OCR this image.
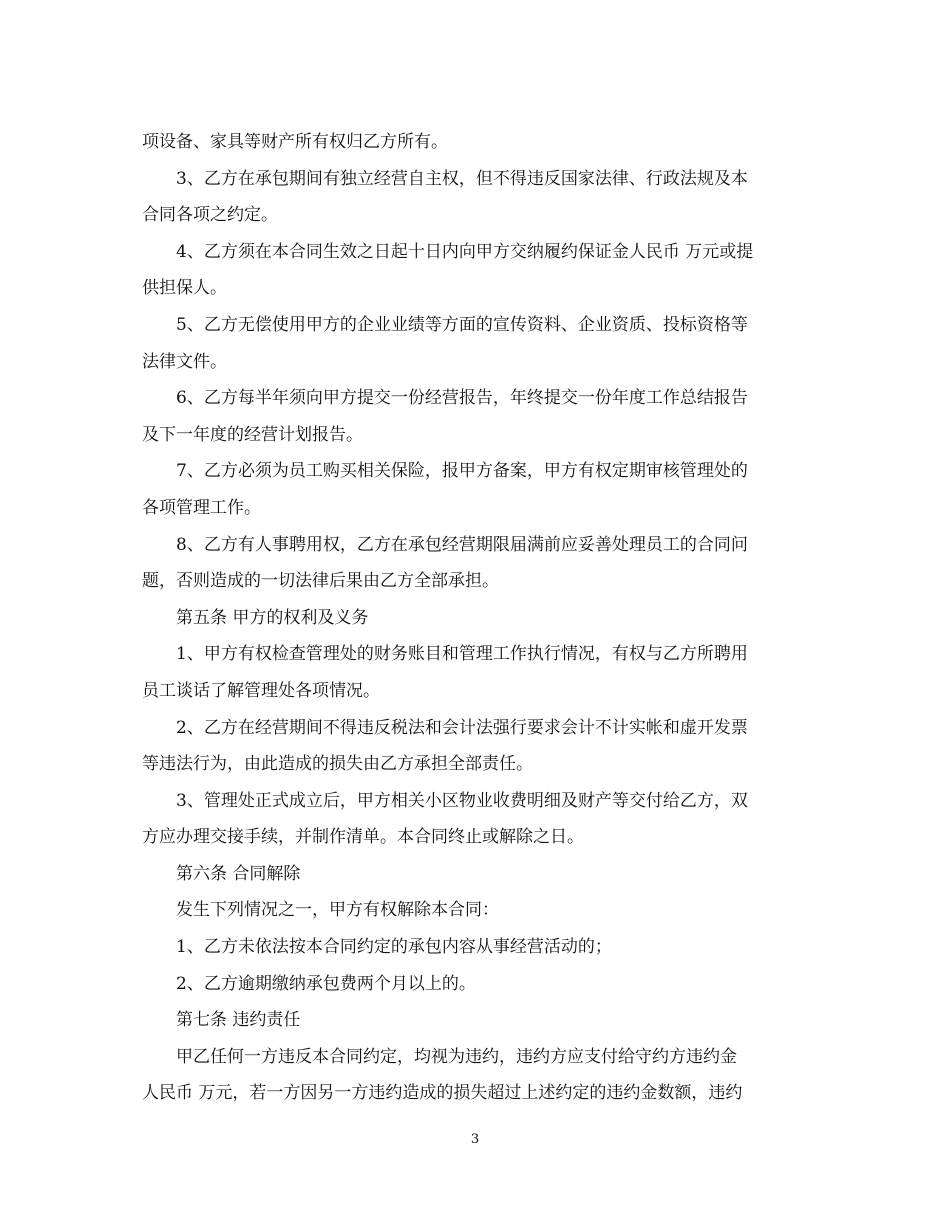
项设备、家具等财产所有权归乙方所有。
3、乙方在承包期间有独立经营自主权，但不得违反国家法律、行政法规及本
合同各项之约定。
4、乙方须在本合同生效之日起十日内向甲方交纳履约保证金人民币 万元或提
供担保人。
5、乙方无偿使用甲方的企业业绩等方面的宣传资料、企业资质、投标资格等
法律文件。
6、乙方每半年须向甲方提交一份经营报告，年终提交一份年度工作总结报告
及下一年度的经营计划报告。
7、乙方必须为员工购买相关保险，报甲方备案，甲方有权定期审核管理处的
各项管理工作。
8、乙方有人事聘用权，乙方在承包经营期限届满前应妥善处理员工的合同问
题，否则造成的一切法律后果由乙方全部承担。
第五条 甲方的权利及义务
1、甲方有权检查管理处的财务账目和管理工作执行情况，有权与乙方所聘用
员工谈话了解管理处各项情况。
2、乙方在经营期间不得违反税法和会计法强行要求会计不计实帐和虚开发票
等违法行为，由此造成的损失由乙方承担全部责任。
3、管理处正式成立后，甲方相关小区物业收费明细及财产等交付给乙方，双
方应办理交接手续，并制作清单。本合同终止或解除之日。
第六条 合同解除
发生下列情况之一，甲方有权解除本合同：
1、乙方未依法按本合同约定的承包内容从事经营活动的；
2、乙方逾期缴纳承包费两个月以上的。
第七条 违约责任
甲乙任何一方违反本合同约定，均视为违约，违约方应支付给守约方违约金
人民币 万元，若一方因另一方违约造成的损失超过上述约定的违约金数额，违约
3
